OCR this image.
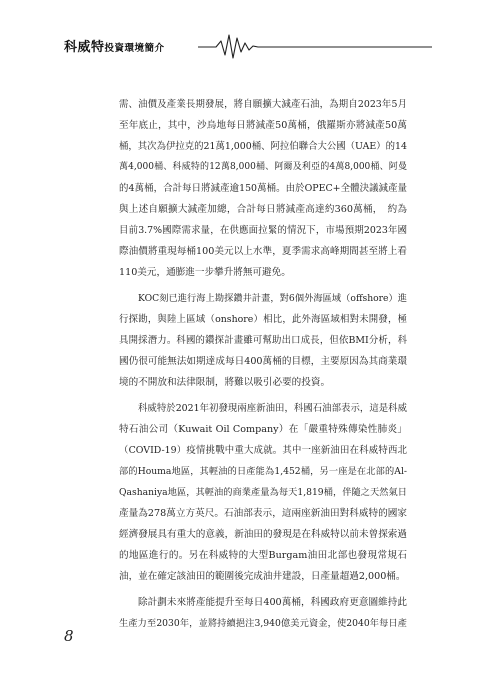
科威特投資環境簡介
需、油價及產業長期發展，將自願擴大減產石油，為期自2023年5月
至年底止，其中，沙烏地每日將減產50萬桶，俄羅斯亦將減產50萬
桶，其次為伊拉克的21萬1,000桶、阿拉伯聯合大公國（UAE）的14
萬4,000桶、科威特的12萬8,000桶、阿爾及利亞的4萬8,000桶、阿曼
的4萬桶，合計每日將減產逾150萬桶。由於OPEC+全體決議減產量
與上述自願擴大減產加總，合計每日將減產高達約360萬桶，　約為
目前3.7%國際需求量，在供應面拉緊的情況下，市場預期2023年國
際油價將重現每桶100美元以上水準，夏季需求高峰期間甚至將上看
110美元，通膨進一步攀升將無可避免。
KOC刻已進行海上勘探鑽井計畫，對6個外海區域（offshore）進
行探勘，與陸上區域（onshore）相比，此外海區域相對未開發，極
具開採潛力。科國的鑽探計畫雖可幫助出口成長，但依BMI分析，科
國仍很可能無法如期達成每日400萬桶的目標，主要原因為其商業環
境的不開放和法律限制，將難以吸引必要的投資。
科威特於2021年初發現兩座新油田，科國石油部表示，這是科威
特石油公司（Kuwait Oil Company）在「嚴重特殊傳染性肺炎」
（COVID-19）疫情挑戰中重大成就。其中一座新油田在科威特西北
部的Houma地區，其輕油的日產能為1,452桶，另一座是在北部的Al-
Qashaniya地區，其輕油的商業產量為每天1,819桶，伴隨之天然氣日
產量為278萬立方英尺。石油部表示，這兩座新油田對科威特的國家
經濟發展具有重大的意義，新油田的發現是在科威特以前未曾探索過
的地區進行的。另在科威特的大型Burgam油田北部也發現常規石
油，並在確定該油田的範圍後完成油井建設，日產量超過2,000桶。
除計劃未來將產能提升至每日400萬桶，科國政府更意圖維持此
生產力至2030年，並將持續挹注3,940億美元資金，使2040年每日產
8
